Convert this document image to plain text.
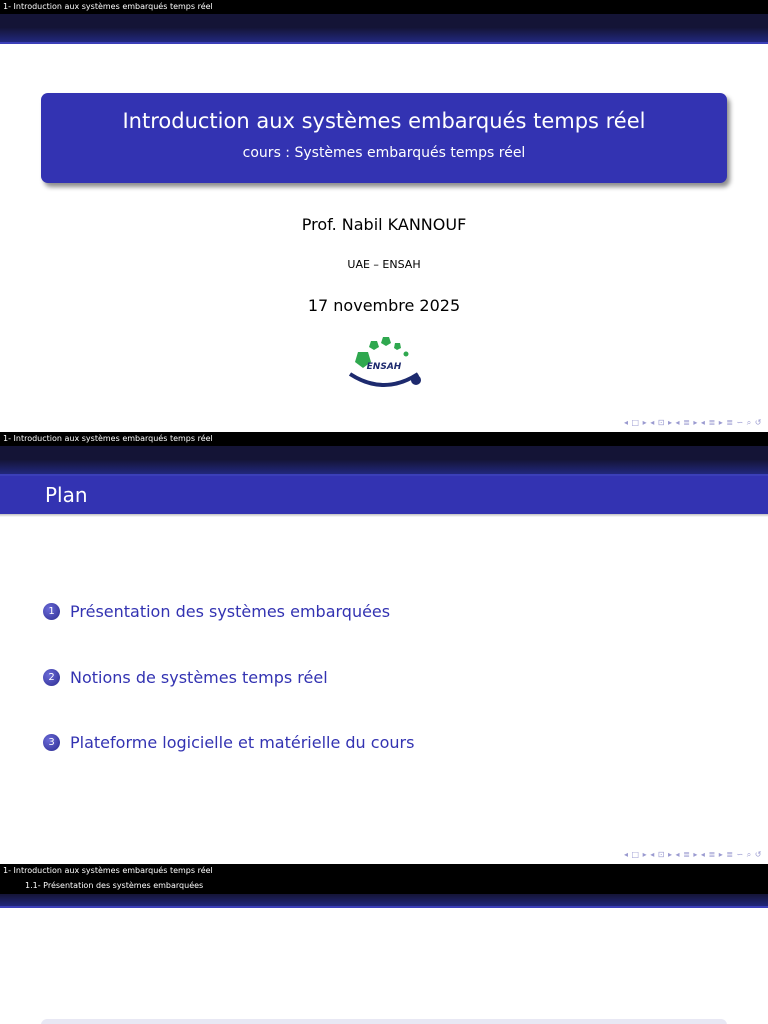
1- Introduction aux systèmes embarqués temps réel
Introduction aux systèmes embarqués temps réel
cours : Systèmes embarqués temps réel
Prof. Nabil KANNOUF
UAE – ENSAH
17 novembre 2025
ENSAH
◂ □ ▸ ◂ ⊡ ▸ ◂ ≣ ▸ ◂ ≣ ▸ ≣ ∽ ⌕ ↺
1- Introduction aux systèmes embarqués temps réel
Plan
1 Présentation des systèmes embarquées
2 Notions de systèmes temps réel
3 Plateforme logicielle et matérielle du cours
◂ □ ▸ ◂ ⊡ ▸ ◂ ≣ ▸ ◂ ≣ ▸ ≣ ∽ ⌕ ↺
1- Introduction aux systèmes embarqués temps réel
1.1- Présentation des systèmes embarquées
